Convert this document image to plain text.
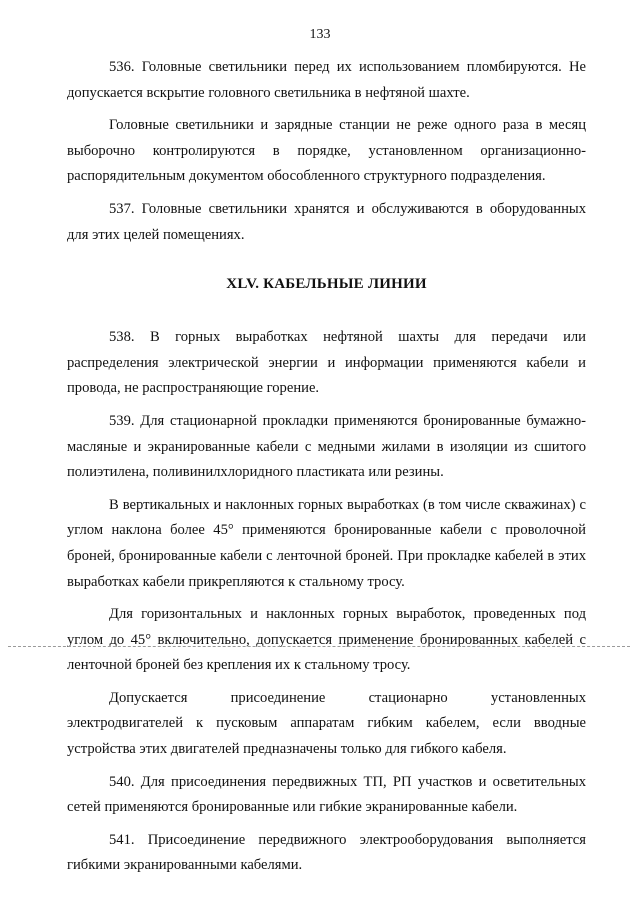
133

536. Головные светильники перед их использованием пломбируются. Не допускается вскрытие головного светильника в нефтяной шахте.

Головные светильники и зарядные станции не реже одного раза в месяц выборочно контролируются в порядке, установленном организационно-распорядительным документом обособленного структурного подразделения.

537. Головные светильники хранятся и обслуживаются в оборудованных для этих целей помещениях.

XLV. КАБЕЛЬНЫЕ ЛИНИИ

538. В горных выработках нефтяной шахты для передачи или распределения электрической энергии и информации применяются кабели и провода, не распространяющие горение.

539. Для стационарной прокладки применяются бронированные бумажно-масляные и экранированные кабели с медными жилами в изоляции из сшитого полиэтилена, поливинилхлоридного пластиката или резины.

В вертикальных и наклонных горных выработках (в том числе скважинах) с углом наклона более 45° применяются бронированные кабели с проволочной броней, бронированные кабели с ленточной броней. При прокладке кабелей в этих выработках кабели прикрепляются к стальному тросу.

Для горизонтальных и наклонных горных выработок, проведенных под углом до 45° включительно, допускается применение бронированных кабелей с ленточной броней без крепления их к стальному тросу.

Допускается присоединение стационарно установленных электродвигателей к пусковым аппаратам гибким кабелем, если вводные устройства этих двигателей предназначены только для гибкого кабеля.

540. Для присоединения передвижных ТП, РП участков и осветительных сетей применяются бронированные или гибкие экранированные кабели.

541. Присоединение передвижного электрооборудования выполняется гибкими экранированными кабелями.
